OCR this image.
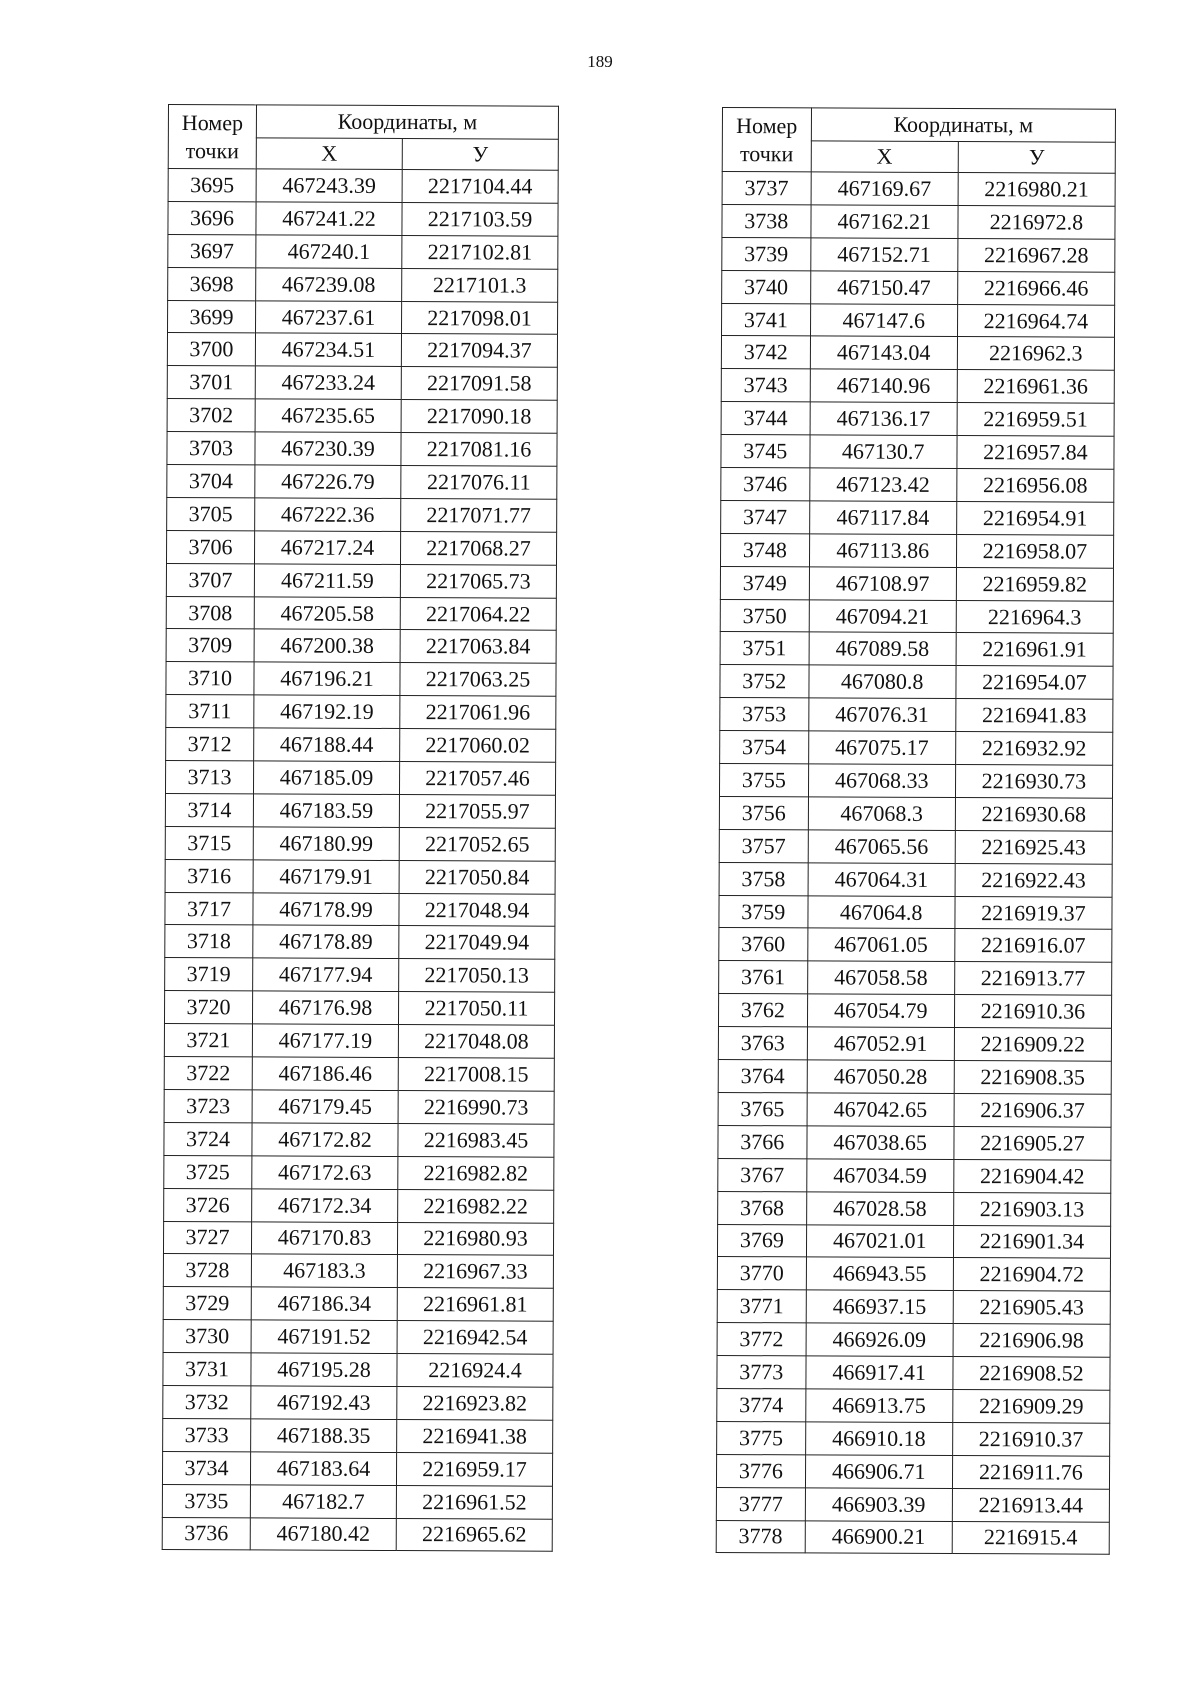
189
Номер точки	Координаты, м	
	X	У
3695	467243.39	2217104.44
3696	467241.22	2217103.59
3697	467240.1	2217102.81
3698	467239.08	2217101.3
3699	467237.61	2217098.01
3700	467234.51	2217094.37
3701	467233.24	2217091.58
3702	467235.65	2217090.18
3703	467230.39	2217081.16
3704	467226.79	2217076.11
3705	467222.36	2217071.77
3706	467217.24	2217068.27
3707	467211.59	2217065.73
3708	467205.58	2217064.22
3709	467200.38	2217063.84
3710	467196.21	2217063.25
3711	467192.19	2217061.96
3712	467188.44	2217060.02
3713	467185.09	2217057.46
3714	467183.59	2217055.97
3715	467180.99	2217052.65
3716	467179.91	2217050.84
3717	467178.99	2217048.94
3718	467178.89	2217049.94
3719	467177.94	2217050.13
3720	467176.98	2217050.11
3721	467177.19	2217048.08
3722	467186.46	2217008.15
3723	467179.45	2216990.73
3724	467172.82	2216983.45
3725	467172.63	2216982.82
3726	467172.34	2216982.22
3727	467170.83	2216980.93
3728	467183.3	2216967.33
3729	467186.34	2216961.81
3730	467191.52	2216942.54
3731	467195.28	2216924.4
3732	467192.43	2216923.82
3733	467188.35	2216941.38
3734	467183.64	2216959.17
3735	467182.7	2216961.52
3736	467180.42	2216965.62
Номер точки	Координаты, м	
	X	У
3737	467169.67	2216980.21
3738	467162.21	2216972.8
3739	467152.71	2216967.28
3740	467150.47	2216966.46
3741	467147.6	2216964.74
3742	467143.04	2216962.3
3743	467140.96	2216961.36
3744	467136.17	2216959.51
3745	467130.7	2216957.84
3746	467123.42	2216956.08
3747	467117.84	2216954.91
3748	467113.86	2216958.07
3749	467108.97	2216959.82
3750	467094.21	2216964.3
3751	467089.58	2216961.91
3752	467080.8	2216954.07
3753	467076.31	2216941.83
3754	467075.17	2216932.92
3755	467068.33	2216930.73
3756	467068.3	2216930.68
3757	467065.56	2216925.43
3758	467064.31	2216922.43
3759	467064.8	2216919.37
3760	467061.05	2216916.07
3761	467058.58	2216913.77
3762	467054.79	2216910.36
3763	467052.91	2216909.22
3764	467050.28	2216908.35
3765	467042.65	2216906.37
3766	467038.65	2216905.27
3767	467034.59	2216904.42
3768	467028.58	2216903.13
3769	467021.01	2216901.34
3770	466943.55	2216904.72
3771	466937.15	2216905.43
3772	466926.09	2216906.98
3773	466917.41	2216908.52
3774	466913.75	2216909.29
3775	466910.18	2216910.37
3776	466906.71	2216911.76
3777	466903.39	2216913.44
3778	466900.21	2216915.4
